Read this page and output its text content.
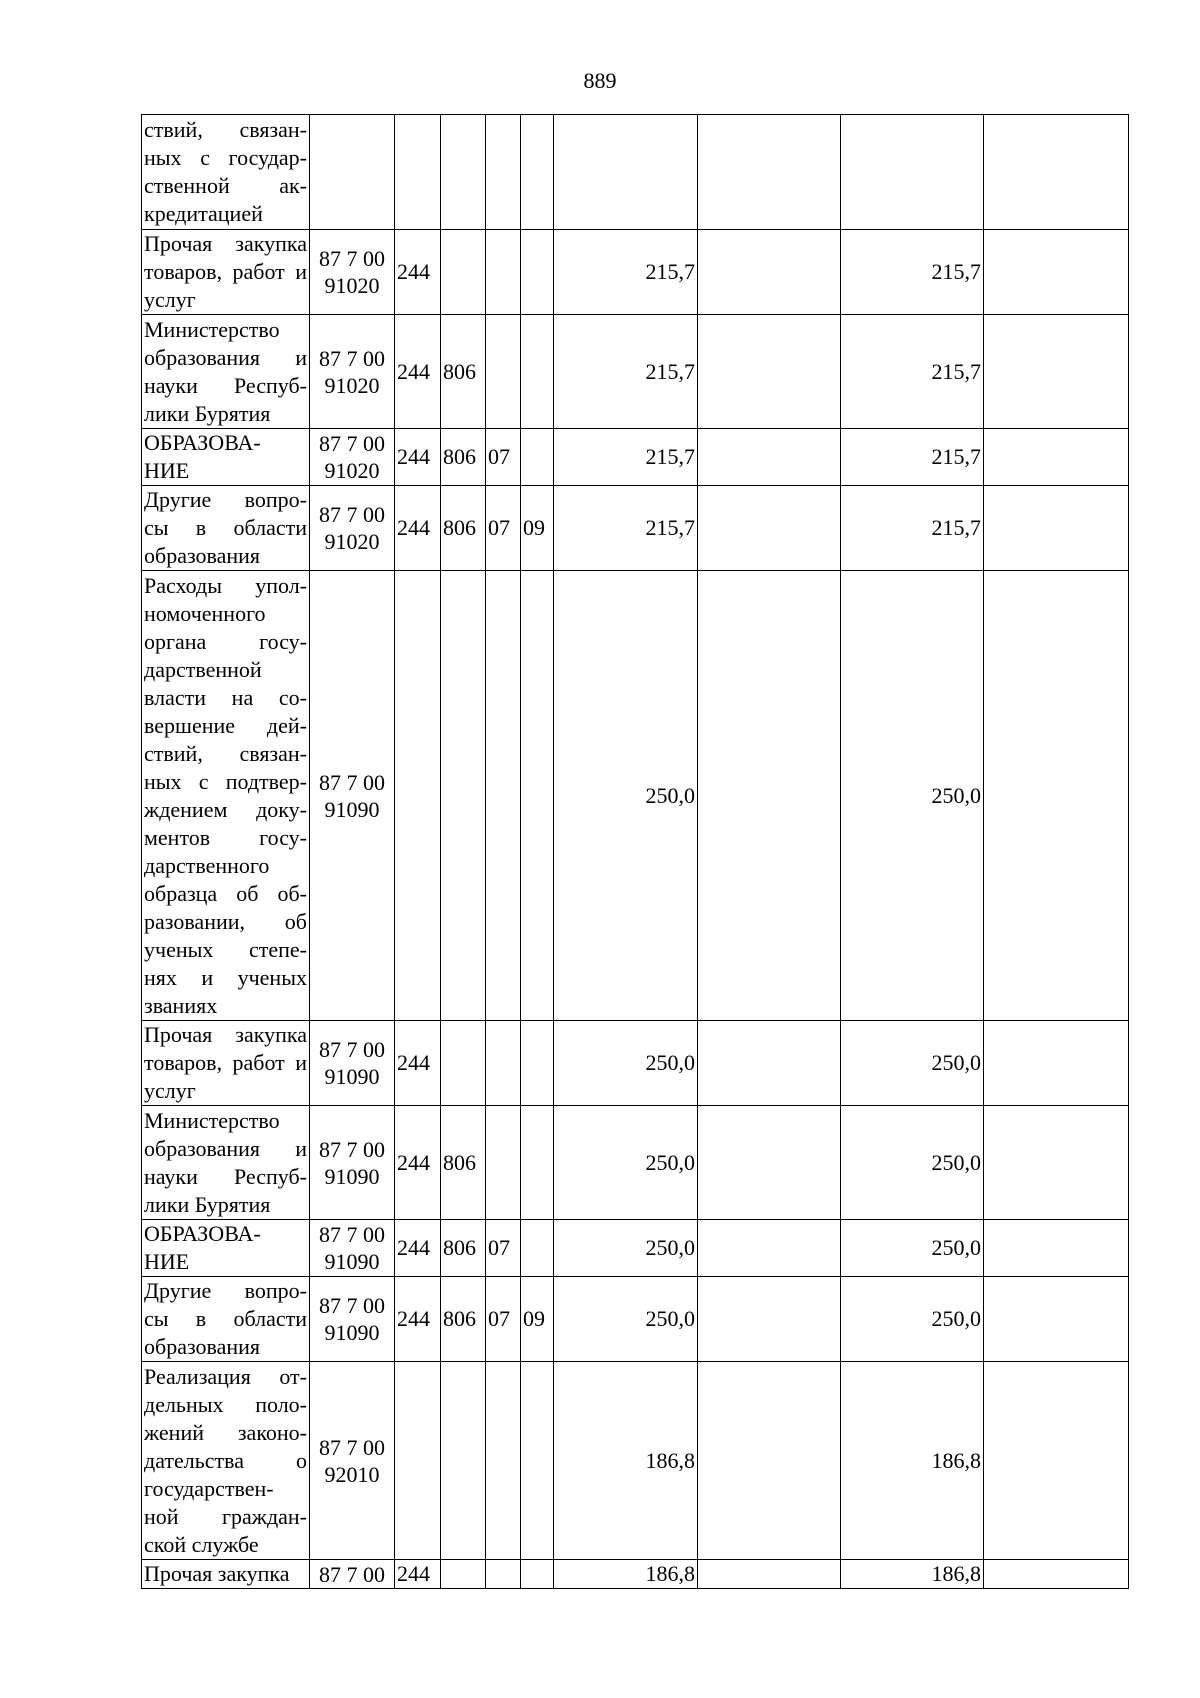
889
ствий, связан- ных с государ- ственной ак- кредитацией									
Прочая закупка товаров, работ и услуг	87 7 00 91020	244				215,7		215,7	
Министерство образования и науки Респуб- лики Бурятия	87 7 00 91020	244	806			215,7		215,7	
ОБРАЗОВА- НИЕ	87 7 00 91020	244	806	07		215,7		215,7	
Другие вопро- сы в области образования	87 7 00 91020	244	806	07	09	215,7		215,7	
Расходы упол- номоченного органа госу- дарственной власти на со- вершение дей- ствий, связан- ных с подтвер- ждением доку- ментов госу- дарственного образца об об- разовании, об ученых степе- нях и ученых званиях	87 7 00 91090					250,0		250,0	
Прочая закупка товаров, работ и услуг	87 7 00 91090	244				250,0		250,0	
Министерство образования и науки Респуб- лики Бурятия	87 7 00 91090	244	806			250,0		250,0	
ОБРАЗОВА- НИЕ	87 7 00 91090	244	806	07		250,0		250,0	
Другие вопро- сы в области образования	87 7 00 91090	244	806	07	09	250,0		250,0	
Реализация от- дельных поло- жений законо- дательства о государствен- ной граждан- ской службе	87 7 00 92010					186,8		186,8	
Прочая закупка	87 7 00	244				186,8		186,8	
